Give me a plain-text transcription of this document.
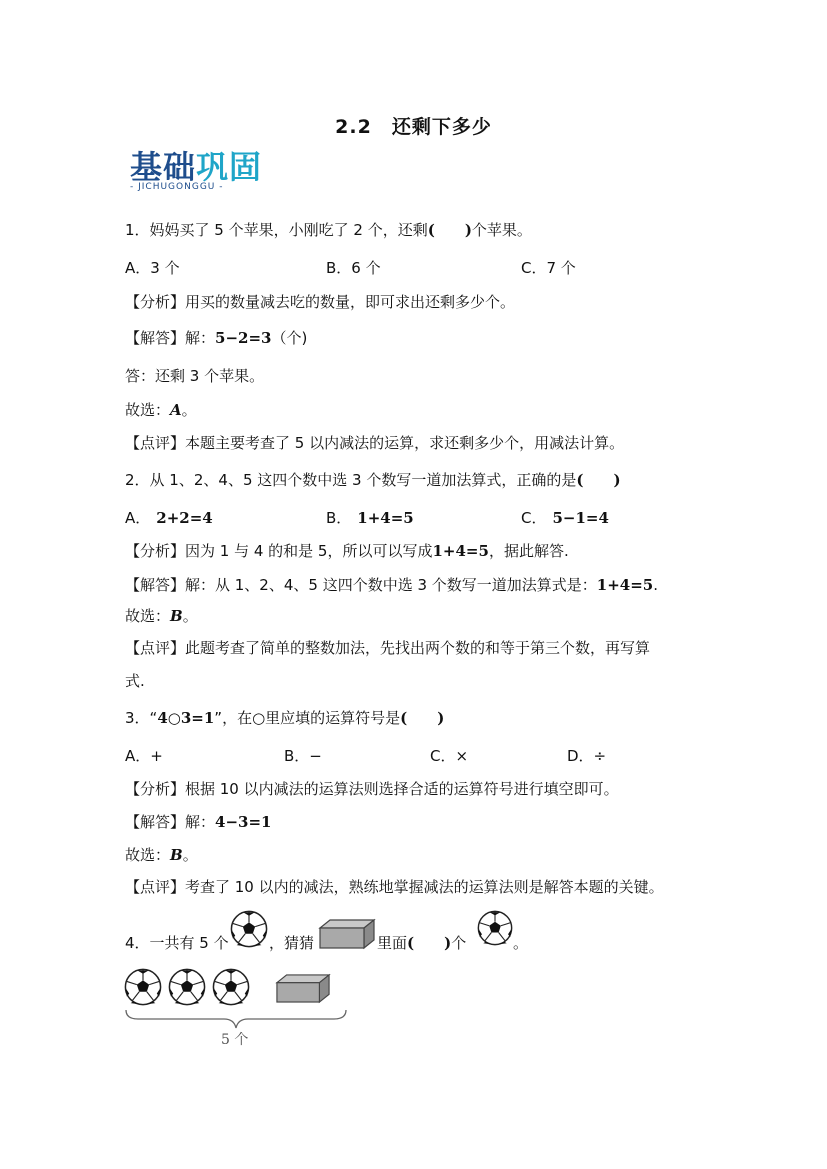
2.2　还剩下多少
基础巩固
- JICHUGONGGU -
1．妈妈买了 5 个苹果，小刚吃了 2 个，还剩(　　)个苹果。
A．3 个	B．6 个	C．7 个
【分析】用买的数量减去吃的数量，即可求出还剩多少个。
【解答】解：5−2=3（个)
答：还剩 3 个苹果。
故选：A。
【点评】本题主要考查了 5 以内减法的运算，求还剩多少个，用减法计算。
2．从 1、2、4、5 这四个数中选 3 个数写一道加法算式，正确的是(　　)
A． 2+2=4	B． 1+4=5	C． 5−1=4
【分析】因为 1 与 4 的和是 5，所以可以写成1+4=5，据此解答.
【解答】解：从 1、2、4、5 这四个数中选 3 个数写一道加法算式是：1+4=5.
故选：B。
【点评】此题考查了简单的整数加法，先找出两个数的和等于第三个数，再写算
式.
3．“4○3=1”，在○里应填的运算符号是(　　)
A．+	B．−	C．×	D．÷
【分析】根据 10 以内减法的运算法则选择合适的运算符号进行填空即可。
【解答】解：4−3=1
故选：B。
【点评】考查了 10 以内的减法，熟练地掌握减法的运算法则是解答本题的关键。
4．一共有 5 个	，猜猜	里面(　　)个	。
5 个
